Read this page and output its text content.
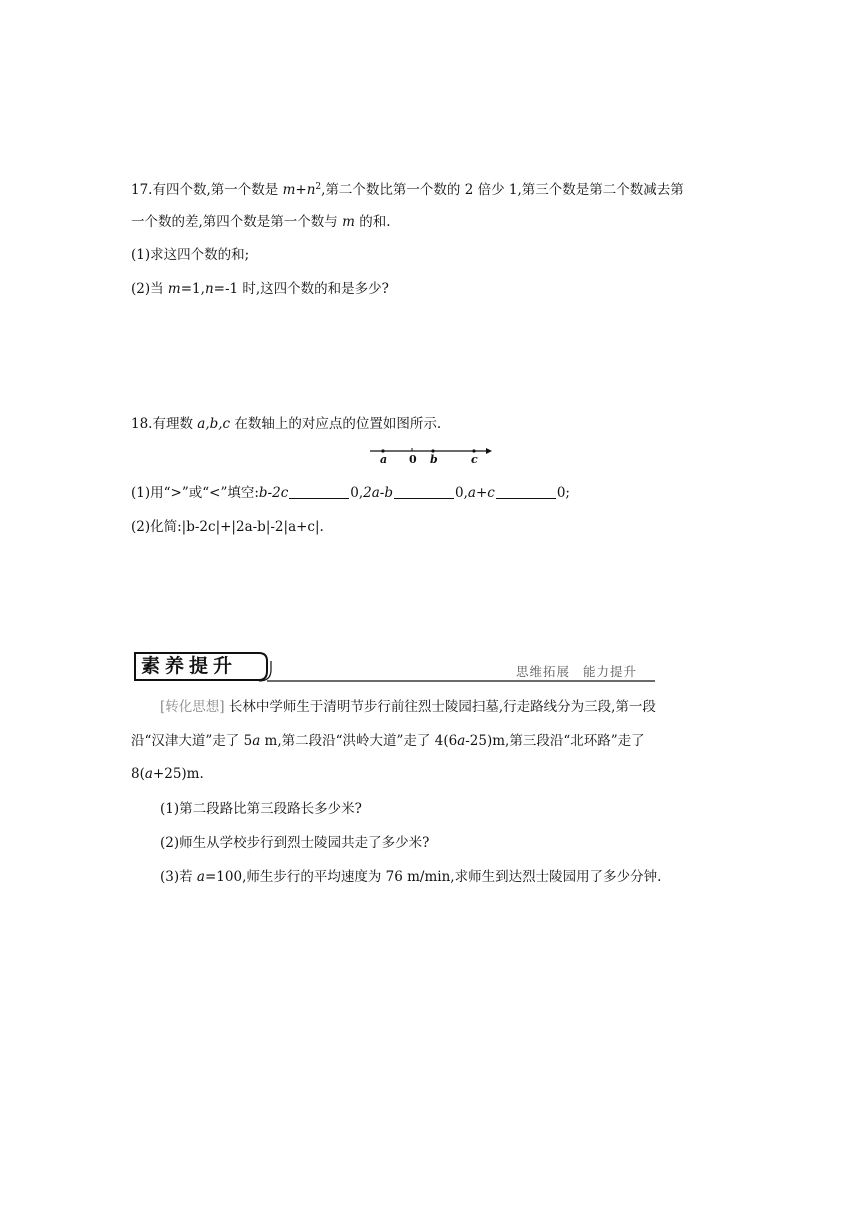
17.有四个数,第一个数是 $m+n^2$,第二个数比第一个数的 2 倍少 1,第三个数是第二个数减去第
一个数的差,第四个数是第一个数与 m 的和.
(1)求这四个数的和;
(2)当 m=1,n=-1 时,这四个数的和是多少?
18.有理数 a,b,c 在数轴上的对应点的位置如图所示.
a 0 b	c
(1)用“>”或“<”填空:b-2c	0,2a-b	0,a+c	0;
(2)化简:|b-2c|+|2a-b|-2|a+c|.
素养提升	思维拓展 能力提升
[转化思想] 长林中学师生于清明节步行前往烈士陵园扫墓,行走路线分为三段,第一段
沿“汉津大道”走了 5a m,第二段沿“洪岭大道”走了 4(6a-25)m,第三段沿“北环路”走了
8(a+25)m.
(1)第二段路比第三段路长多少米?
(2)师生从学校步行到烈士陵园共走了多少米?
(3)若 a=100,师生步行的平均速度为 76 m/min,求师生到达烈士陵园用了多少分钟.
